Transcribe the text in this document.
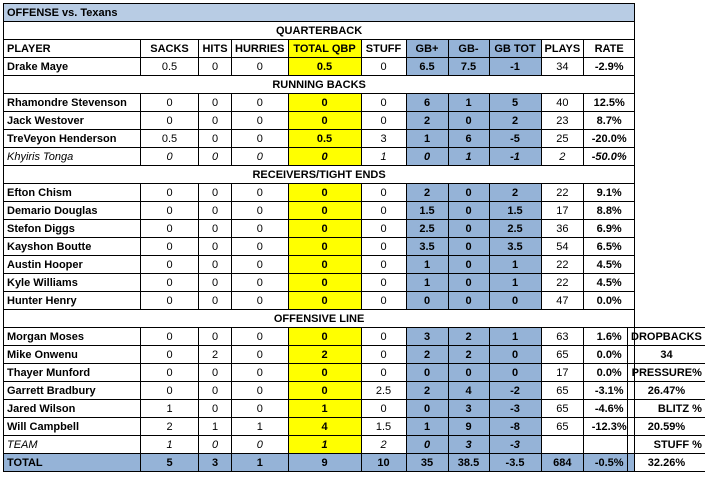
OFFENSE vs. Texans										
QUARTERBACK										
PLAYER	SACKS	HITS	HURRIES	TOTAL QBP	STUFF	GB+	GB-	GB TOT	PLAYS	RATE
Drake Maye	0.5	0	0	0.5	0	6.5	7.5	-1	34	-2.9%
RUNNING BACKS										
Rhamondre Stevenson	0	0	0	0	0	6	1	5	40	12.5%
Jack Westover	0	0	0	0	0	2	0	2	23	8.7%
TreVeyon Henderson	0.5	0	0	0.5	3	1	6	-5	25	-20.0%
Khyiris Tonga	0	0	0	0	1	0	1	-1	2	-50.0%
RECEIVERS/TIGHT ENDS										
Efton Chism	0	0	0	0	0	2	0	2	22	9.1%
Demario Douglas	0	0	0	0	0	1.5	0	1.5	17	8.8%
Stefon Diggs	0	0	0	0	0	2.5	0	2.5	36	6.9%
Kayshon Boutte	0	0	0	0	0	3.5	0	3.5	54	6.5%
Austin Hooper	0	0	0	0	0	1	0	1	22	4.5%
Kyle Williams	0	0	0	0	0	1	0	1	22	4.5%
Hunter Henry	0	0	0	0	0	0	0	0	47	0.0%
OFFENSIVE LINE										
Morgan Moses	0	0	0	0	0	3	2	1	63	1.6%
Mike Onwenu	0	2	0	2	0	2	2	0	65	0.0%
Thayer Munford	0	0	0	0	0	0	0	0	17	0.0%
Garrett Bradbury	0	0	0	0	2.5	2	4	-2	65	-3.1%
Jared Wilson	1	0	0	1	0	0	3	-3	65	-4.6%
Will Campbell	2	1	1	4	1.5	1	9	-8	65	-12.3%
TEAM	1	0	0	1	2	0	3	-3		
TOTAL	5	3	1	9	10	35	38.5	-3.5	684	-0.5%
DROPBACKS
34
PRESSURE%
26.47%
BLITZ %
20.59%
STUFF %
32.26%
